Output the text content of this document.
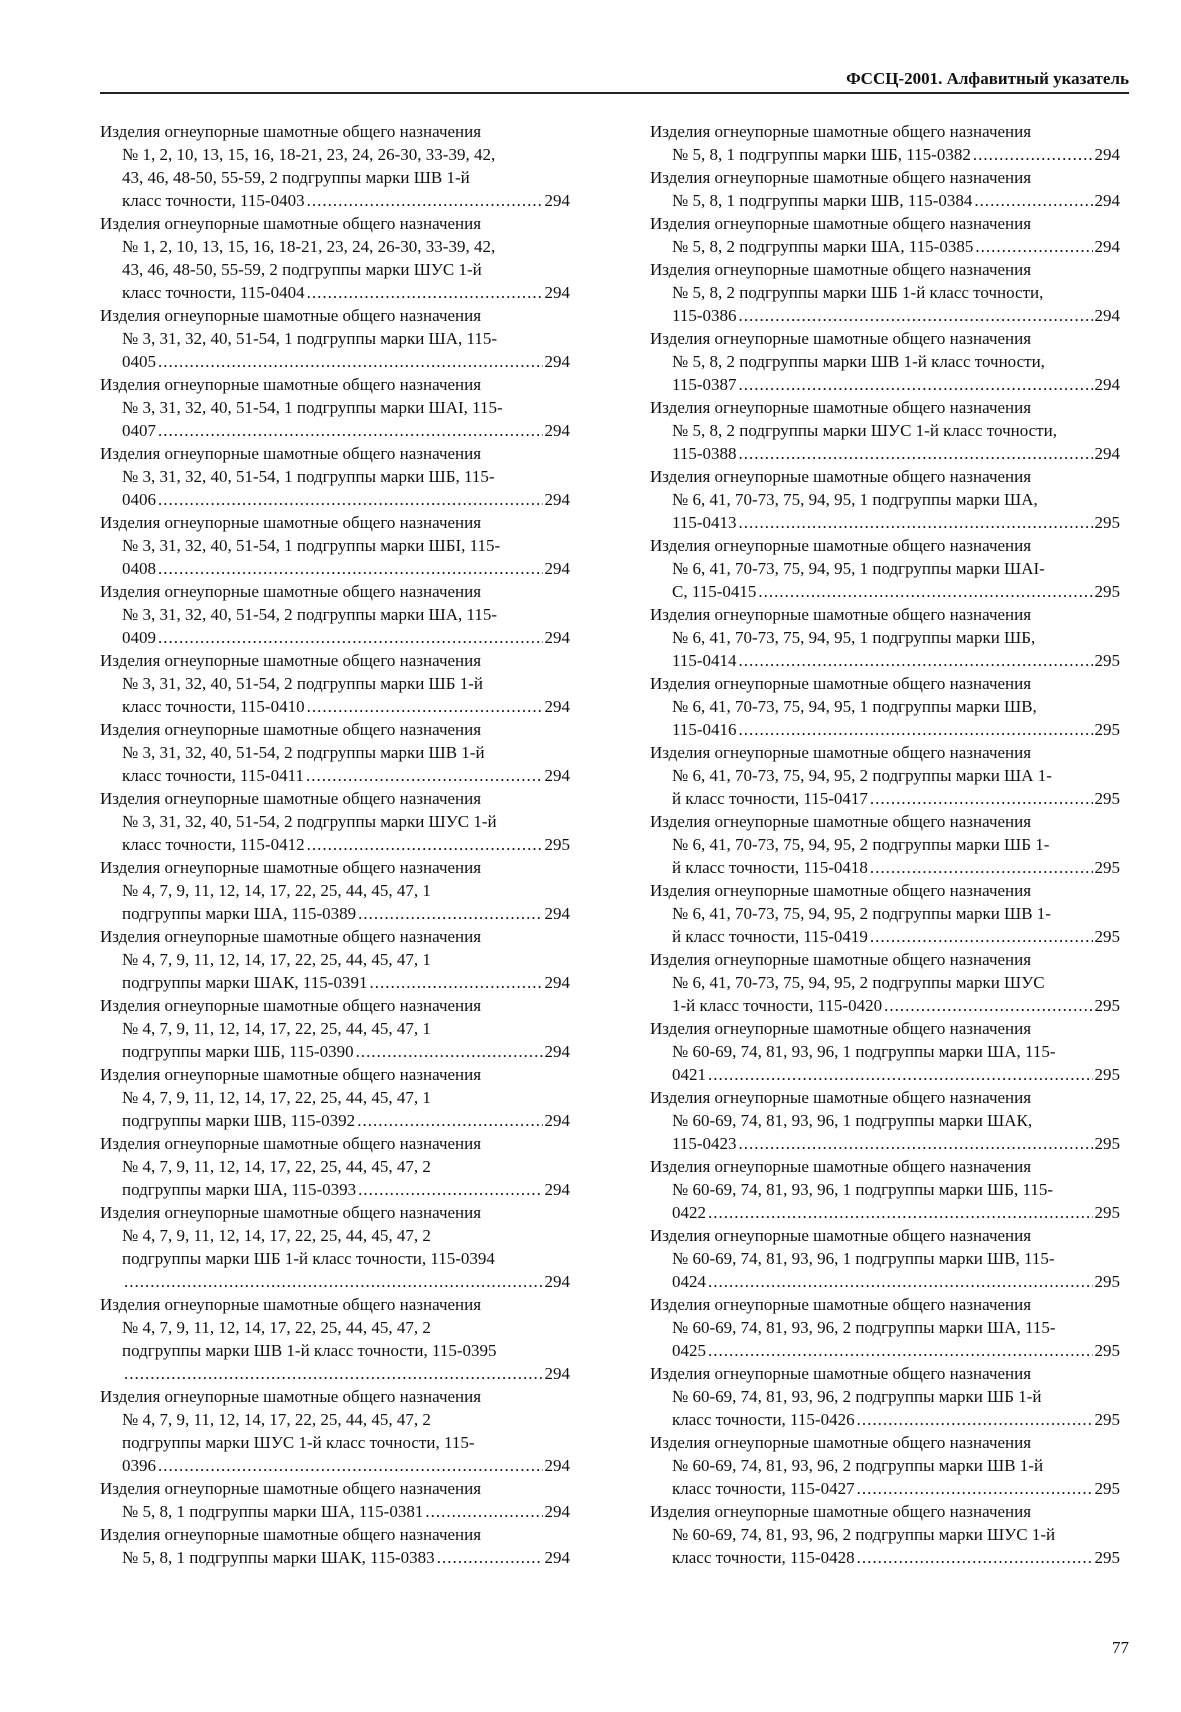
ФССЦ-2001. Алфавитный указатель
Изделия огнеупорные шамотные общего назначения
№ 1, 2, 10, 13, 15, 16, 18-21, 23, 24, 26-30, 33-39, 42,
43, 46, 48-50, 55-59, 2 подгруппы марки ШВ 1-й
класс точности, 115-0403 .....	294
Изделия огнеупорные шамотные общего назначения
№ 1, 2, 10, 13, 15, 16, 18-21, 23, 24, 26-30, 33-39, 42,
43, 46, 48-50, 55-59, 2 подгруппы марки ШУС 1-й
класс точности, 115-0404 .....	294
Изделия огнеупорные шамотные общего назначения
№ 3, 31, 32, 40, 51-54, 1 подгруппы марки ША, 115-
0405 .....	294
Изделия огнеупорные шамотные общего назначения
№ 3, 31, 32, 40, 51-54, 1 подгруппы марки ШАI, 115-
0407 .....	294
Изделия огнеупорные шамотные общего назначения
№ 3, 31, 32, 40, 51-54, 1 подгруппы марки ШБ, 115-
0406 .....	294
Изделия огнеупорные шамотные общего назначения
№ 3, 31, 32, 40, 51-54, 1 подгруппы марки ШБI, 115-
0408 .....	294
Изделия огнеупорные шамотные общего назначения
№ 3, 31, 32, 40, 51-54, 2 подгруппы марки ША, 115-
0409 .....	294
Изделия огнеупорные шамотные общего назначения
№ 3, 31, 32, 40, 51-54, 2 подгруппы марки ШБ 1-й
класс точности, 115-0410 .....	294
Изделия огнеупорные шамотные общего назначения
№ 3, 31, 32, 40, 51-54, 2 подгруппы марки ШВ 1-й
класс точности, 115-0411 .....	294
Изделия огнеупорные шамотные общего назначения
№ 3, 31, 32, 40, 51-54, 2 подгруппы марки ШУС 1-й
класс точности, 115-0412 .....	295
Изделия огнеупорные шамотные общего назначения
№ 4, 7, 9, 11, 12, 14, 17, 22, 25, 44, 45, 47, 1
подгруппы марки ША, 115-0389 .....	294
Изделия огнеупорные шамотные общего назначения
№ 4, 7, 9, 11, 12, 14, 17, 22, 25, 44, 45, 47, 1
подгруппы марки ШАК, 115-0391 .....	294
Изделия огнеупорные шамотные общего назначения
№ 4, 7, 9, 11, 12, 14, 17, 22, 25, 44, 45, 47, 1
подгруппы марки ШБ, 115-0390 .....	294
Изделия огнеупорные шамотные общего назначения
№ 4, 7, 9, 11, 12, 14, 17, 22, 25, 44, 45, 47, 1
подгруппы марки ШВ, 115-0392 .....	294
Изделия огнеупорные шамотные общего назначения
№ 4, 7, 9, 11, 12, 14, 17, 22, 25, 44, 45, 47, 2
подгруппы марки ША, 115-0393 .....	294
Изделия огнеупорные шамотные общего назначения
№ 4, 7, 9, 11, 12, 14, 17, 22, 25, 44, 45, 47, 2
подгруппы марки ШБ 1-й класс точности, 115-0394
.....
294
Изделия огнеупорные шамотные общего назначения
№ 4, 7, 9, 11, 12, 14, 17, 22, 25, 44, 45, 47, 2
подгруппы марки ШВ 1-й класс точности, 115-0395
.....
294
Изделия огнеупорные шамотные общего назначения
№ 4, 7, 9, 11, 12, 14, 17, 22, 25, 44, 45, 47, 2
подгруппы марки ШУС 1-й класс точности, 115-
0396 .....	294
Изделия огнеупорные шамотные общего назначения
№ 5, 8, 1 подгруппы марки ША, 115-0381 .....	294
Изделия огнеупорные шамотные общего назначения
№ 5, 8, 1 подгруппы марки ШАК, 115-0383 .....	294
Изделия огнеупорные шамотные общего назначения
№ 5, 8, 1 подгруппы марки ШБ, 115-0382 .....	294
Изделия огнеупорные шамотные общего назначения
№ 5, 8, 1 подгруппы марки ШВ, 115-0384 .....	294
Изделия огнеупорные шамотные общего назначения
№ 5, 8, 2 подгруппы марки ША, 115-0385 .....	294
Изделия огнеупорные шамотные общего назначения
№ 5, 8, 2 подгруппы марки ШБ 1-й класс точности,
115-0386 .....	294
Изделия огнеупорные шамотные общего назначения
№ 5, 8, 2 подгруппы марки ШВ 1-й класс точности,
115-0387 .....	294
Изделия огнеупорные шамотные общего назначения
№ 5, 8, 2 подгруппы марки ШУС 1-й класс точности,
115-0388 .....	294
Изделия огнеупорные шамотные общего назначения
№ 6, 41, 70-73, 75, 94, 95, 1 подгруппы марки ША,
115-0413 .....	295
Изделия огнеупорные шамотные общего назначения
№ 6, 41, 70-73, 75, 94, 95, 1 подгруппы марки ШАI-
С, 115-0415 .....	295
Изделия огнеупорные шамотные общего назначения
№ 6, 41, 70-73, 75, 94, 95, 1 подгруппы марки ШБ,
115-0414 .....	295
Изделия огнеупорные шамотные общего назначения
№ 6, 41, 70-73, 75, 94, 95, 1 подгруппы марки ШВ,
115-0416 .....	295
Изделия огнеупорные шамотные общего назначения
№ 6, 41, 70-73, 75, 94, 95, 2 подгруппы марки ША 1-
й класс точности, 115-0417 .....	295
Изделия огнеупорные шамотные общего назначения
№ 6, 41, 70-73, 75, 94, 95, 2 подгруппы марки ШБ 1-
й класс точности, 115-0418 .....	295
Изделия огнеупорные шамотные общего назначения
№ 6, 41, 70-73, 75, 94, 95, 2 подгруппы марки ШВ 1-
й класс точности, 115-0419 .....	295
Изделия огнеупорные шамотные общего назначения
№ 6, 41, 70-73, 75, 94, 95, 2 подгруппы марки ШУС
1-й класс точности, 115-0420 .....	295
Изделия огнеупорные шамотные общего назначения
№ 60-69, 74, 81, 93, 96, 1 подгруппы марки ША, 115-
0421 .....	295
Изделия огнеупорные шамотные общего назначения
№ 60-69, 74, 81, 93, 96, 1 подгруппы марки ШАК,
115-0423 .....	295
Изделия огнеупорные шамотные общего назначения
№ 60-69, 74, 81, 93, 96, 1 подгруппы марки ШБ, 115-
0422 .....	295
Изделия огнеупорные шамотные общего назначения
№ 60-69, 74, 81, 93, 96, 1 подгруппы марки ШВ, 115-
0424 .....	295
Изделия огнеупорные шамотные общего назначения
№ 60-69, 74, 81, 93, 96, 2 подгруппы марки ША, 115-
0425 .....	295
Изделия огнеупорные шамотные общего назначения
№ 60-69, 74, 81, 93, 96, 2 подгруппы марки ШБ 1-й
класс точности, 115-0426 .....	295
Изделия огнеупорные шамотные общего назначения
№ 60-69, 74, 81, 93, 96, 2 подгруппы марки ШВ 1-й
класс точности, 115-0427 .....	295
Изделия огнеупорные шамотные общего назначения
№ 60-69, 74, 81, 93, 96, 2 подгруппы марки ШУС 1-й
класс точности, 115-0428 .....	295
77
